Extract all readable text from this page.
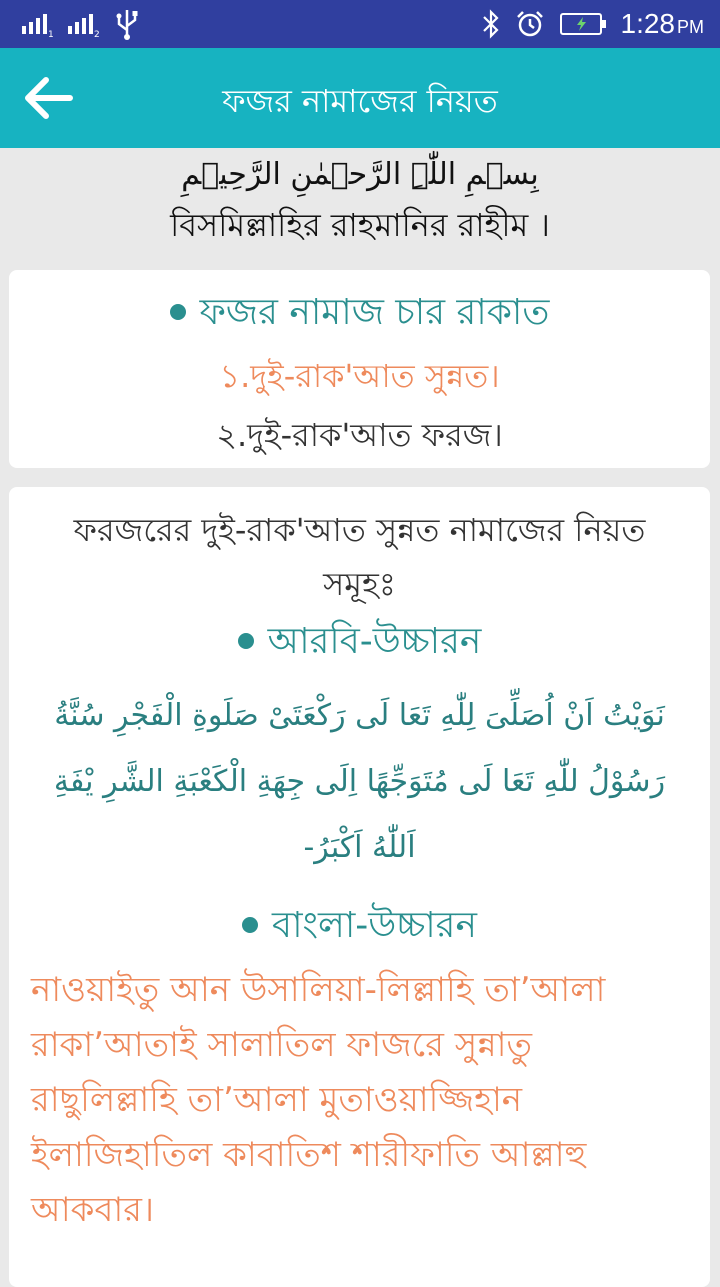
1	2	1:28 PM
ফজর নামাজের নিয়ত
بِسۡمِ اللّٰہِ الرَّحۡمٰنِ الرَّحِیۡمِ
বিসমিল্লাহির রাহমানির রাহীম ।
ফজর নামাজ চার রাকাত
১.দুই-রাক'আত সুন্নত।
২.দুই-রাক'আত ফরজ।
ফরজরের দুই-রাক'আত সুন্নত নামাজের নিয়ত সমূহঃ
আরবি-উচ্চারন
نَوَيْتُ اَنْ اُصَلِّىَ لِلّٰهِ تَعَا لَى رَكْعَتَىْ صَلَوةِ الْفَجْرِ سُنَّةُ رَسُوْلُ للّٰهِ تَعَا لَى مُتَوَجِّهًا اِلَى جِهَةِ الْكَعْبَةِ الشَّرِ يْفَةِ اَللّٰهُ اَكْبَرُ-
বাংলা-উচ্চারন
নাওয়াইতু আন উসালিয়া-লিল্লাহি তা’আলা রাকা’আতাই সালাতিল ফাজরে সুন্নাতু রাছুলিল্লাহি তা’আলা মুতাওয়াজ্জিহান ইলাজিহাতিল কাবাতিশ শারীফাতি আল্লাহু আকবার।
